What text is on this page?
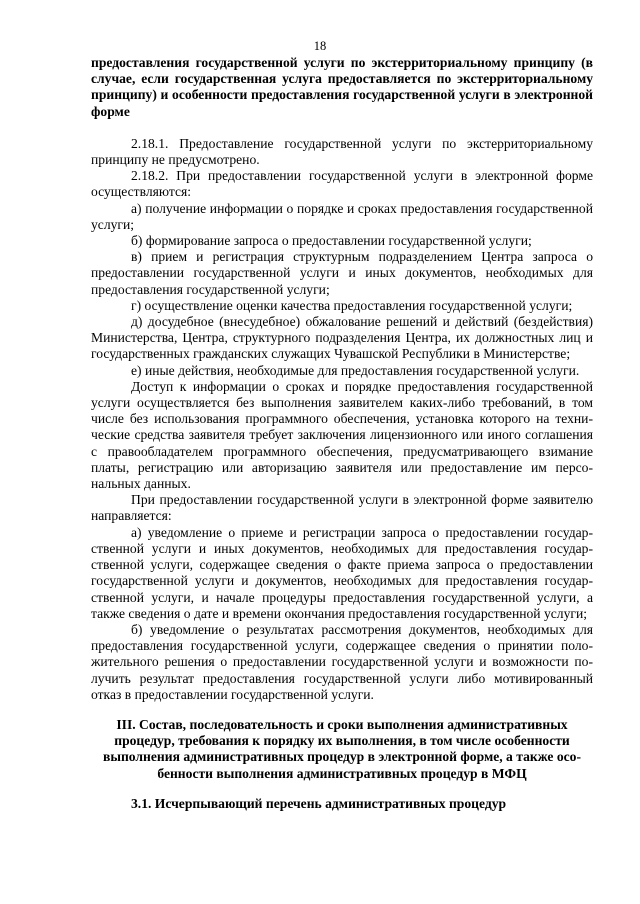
18

предоставления государственной услуги по экстерриториальному принципу (в случае, если государственная услуга предоставляется по экстерриториальному принципу) и особенности предоставления государственной услуги в электронной форме

2.18.1. Предоставление государственной услуги по экстерриториальному принципу не предусмотрено.

2.18.2. При предоставлении государственной услуги в электронной форме осуществляются:

а) получение информации о порядке и сроках предоставления государственной услуги;

б) формирование запроса о предоставлении государственной услуги;

в) прием и регистрация структурным подразделением Центра запроса о предоставлении государственной услуги и иных документов, необходимых для предоставления государственной услуги;

г) осуществление оценки качества предоставления государственной услуги;

д) досудебное (внесудебное) обжалование решений и действий (бездействия) Министерства, Центра, структурного подразделения Центра, их должностных лиц и государственных гражданских служащих Чувашской Республики в Министерстве;

е) иные действия, необходимые для предоставления государственной услуги.

Доступ к информации о сроках и порядке предоставления государственной услуги осуществляется без выполнения заявителем каких-либо требований, в том числе без использования программного обеспечения, установка которого на технические средства заявителя требует заключения лицензионного или иного соглашения с правообладателем программного обеспечения, предусматривающего взимание платы, регистрацию или авторизацию заявителя или предоставление им персональных данных.

При предоставлении государственной услуги в электронной форме заявителю направляется:

а) уведомление о приеме и регистрации запроса о предоставлении государственной услуги и иных документов, необходимых для предоставления государственной услуги, содержащее сведения о факте приема запроса о предоставлении государственной услуги и документов, необходимых для предоставления государственной услуги, и начале процедуры предоставления государственной услуги, а также сведения о дате и времени окончания предоставления государственной услуги;

б) уведомление о результатах рассмотрения документов, необходимых для предоставления государственной услуги, содержащее сведения о принятии положительного решения о предоставлении государственной услуги и возможности получить результат предоставления государственной услуги либо мотивированный отказ в предоставлении государственной услуги.

III. Состав, последовательность и сроки выполнения административных процедур, требования к порядку их выполнения, в том числе особенности выполнения административных процедур в электронной форме, а также особенности выполнения административных процедур в МФЦ

3.1. Исчерпывающий перечень административных процедур
